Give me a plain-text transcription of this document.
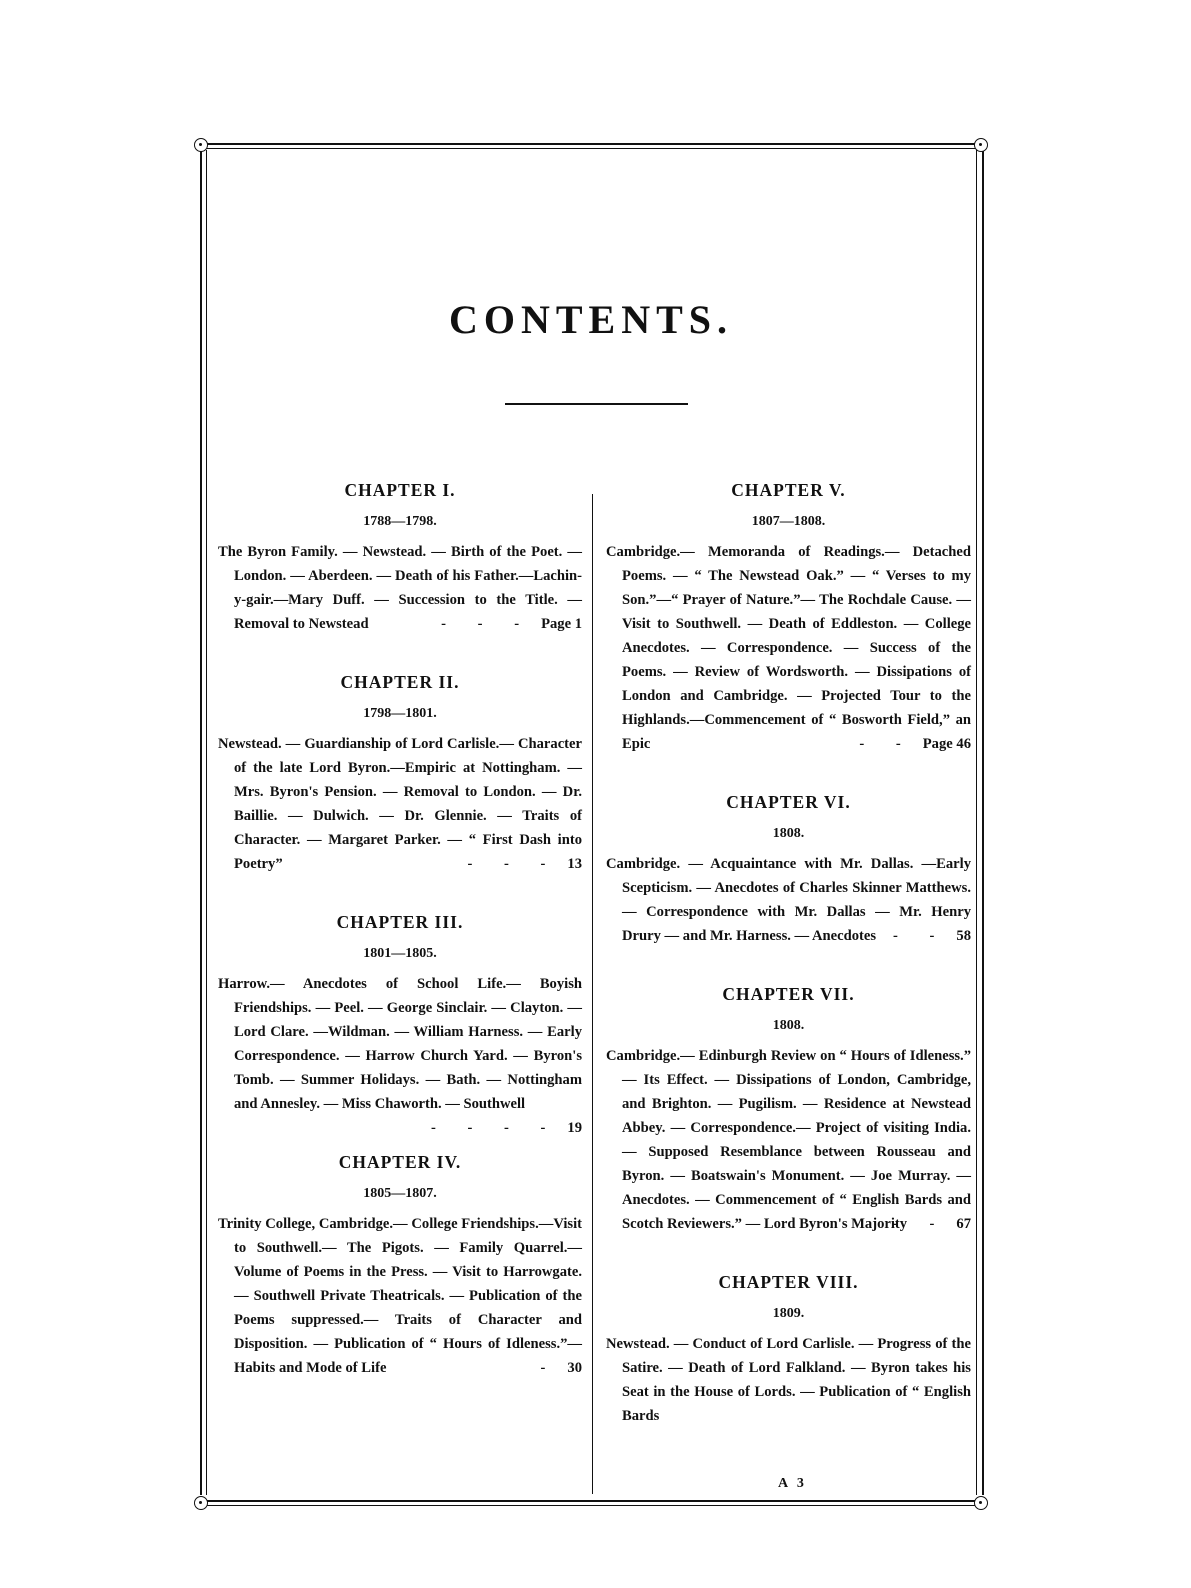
CONTENTS.

CHAPTER I.

1788—1798.

The Byron Family. — Newstead. — Birth of the Poet. — London. — Aberdeen. — Death of his Father.—Lachin-y-gair.—Mary Duff. — Succession to the Title. — Removal to Newstead	- - - Page 1

CHAPTER II.

1798—1801.

Newstead. — Guardianship of Lord Carlisle.— Character of the late Lord Byron.—Empiric at Nottingham. — Mrs. Byron's Pension. — Removal to London. — Dr. Baillie. — Dulwich. — Dr. Glennie. — Traits of Character. — Margaret Parker. — “ First Dash into Poetry”	- - - 13

CHAPTER III.

1801—1805.

Harrow.— Anecdotes of School Life.— Boyish Friendships. — Peel. — George Sinclair. — Clayton. — Lord Clare. —Wildman. — William Harness. — Early Correspondence. — Harrow Church Yard. — Byron's Tomb. — Summer Holidays. — Bath. — Nottingham and Annesley. — Miss Chaworth. — Southwell
- - - - 19

CHAPTER IV.

1805—1807.

Trinity College, Cambridge.— College Friendships.—Visit to Southwell.— The Pigots. — Family Quarrel.—Volume of Poems in the Press. — Visit to Harrowgate. — Southwell Private Theatricals. — Publication of the Poems suppressed.— Traits of Character and Disposition. — Publication of “ Hours of Idleness.”—Habits and Mode of Life	- 30

CHAPTER V.

1807—1808.

Cambridge.— Memoranda of Readings.— Detached Poems. — “ The Newstead Oak.” — “ Verses to my Son.”—“ Prayer of Nature.”— The Rochdale Cause. — Visit to Southwell. — Death of Eddleston. — College Anecdotes. — Correspondence. — Success of the Poems. — Review of Wordsworth. — Dissipations of London and Cambridge. — Projected Tour to the Highlands.—Commencement of “ Bosworth Field,” an Epic	- - Page 46

CHAPTER VI.

1808.

Cambridge. — Acquaintance with Mr. Dallas. —Early Scepticism. — Anecdotes of Charles Skinner Matthews. — Correspondence with Mr. Dallas — Mr. Henry Drury — and Mr. Harness. — Anecdotes - - 58

CHAPTER VII.

1808.

Cambridge.— Edinburgh Review on “ Hours of Idleness.” — Its Effect. — Dissipations of London, Cambridge, and Brighton. — Pugilism. — Residence at Newstead Abbey. — Correspondence.— Project of visiting India. — Supposed Resemblance between Rousseau and Byron. — Boatswain's Monument. — Joe Murray. — Anecdotes. — Commencement of “ English Bards and Scotch Reviewers.” — Lord Byron's Majority
- - 67

CHAPTER VIII.

1809.

Newstead. — Conduct of Lord Carlisle. — Progress of the Satire. — Death of Lord Falkland. — Byron takes his Seat in the House of Lords. — Publication of “ English Bards

A 3
